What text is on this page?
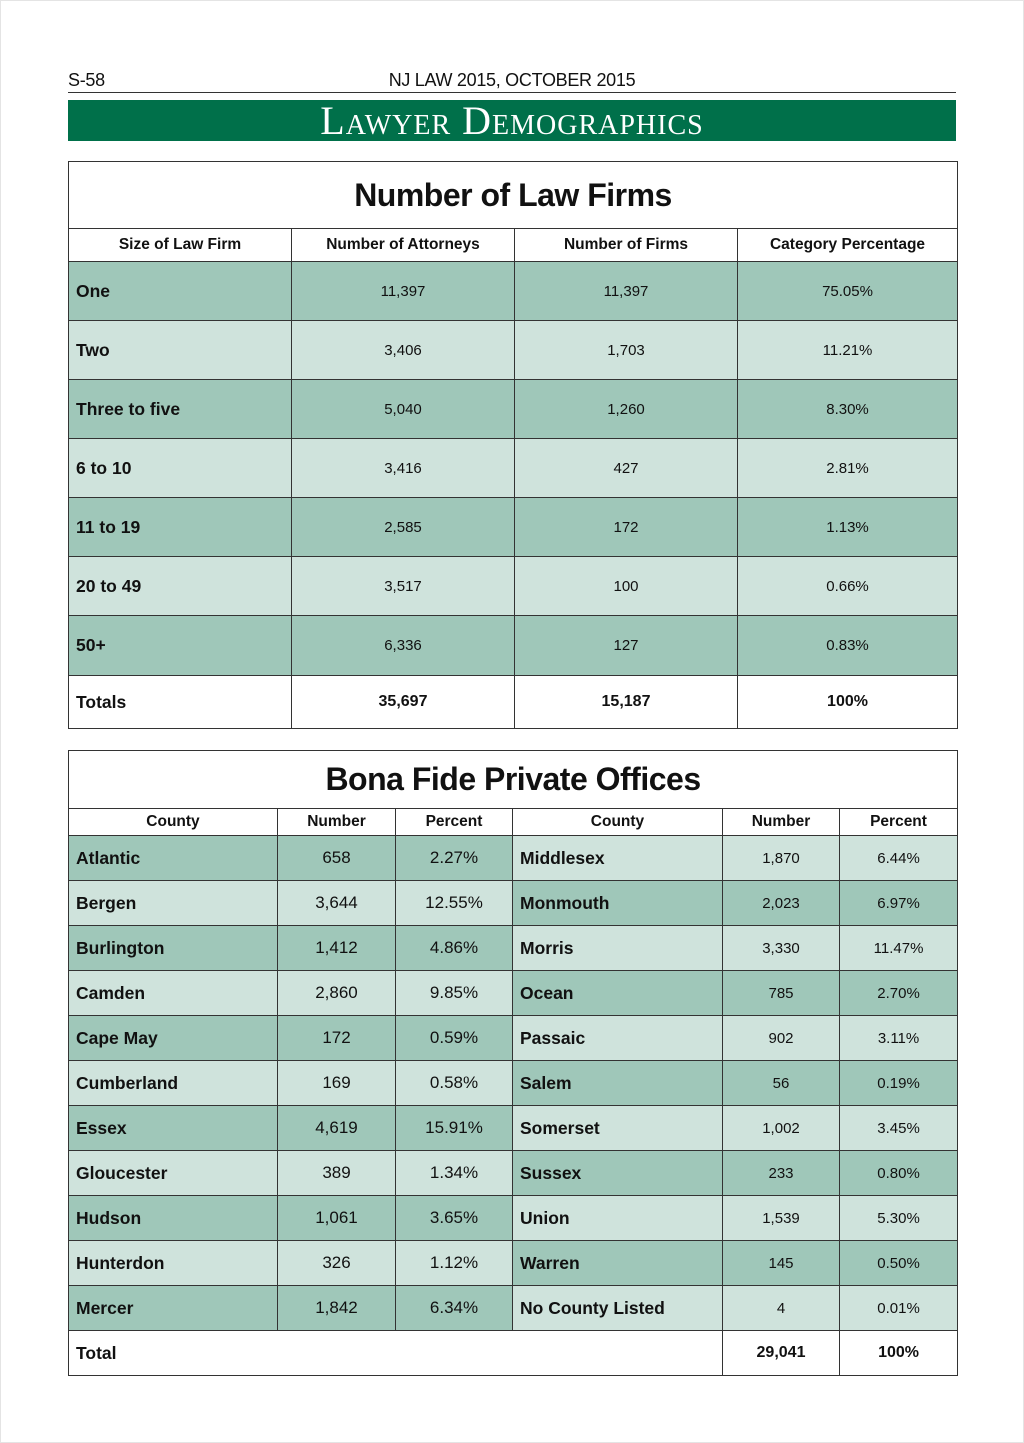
S-58	NJ LAW 2015, OCTOBER 2015
Lawyer Demographics
Number of Law Firms			
Size of Law Firm	Number of Attorneys	Number of Firms	Category Percentage
One	11,397	11,397	75.05%
Two	3,406	1,703	11.21%
Three to five	5,040	1,260	8.30%
6 to 10	3,416	427	2.81%
11 to 19	2,585	172	1.13%
20 to 49	3,517	100	0.66%
50+	6,336	127	0.83%
Totals	35,697	15,187	100%
Bona Fide Private Offices					
County	Number	Percent	County	Number	Percent
Atlantic	658	2.27%	Middlesex	1,870	6.44%
Bergen	3,644	12.55%	Monmouth	2,023	6.97%
Burlington	1,412	4.86%	Morris	3,330	11.47%
Camden	2,860	9.85%	Ocean	785	2.70%
Cape May	172	0.59%	Passaic	902	3.11%
Cumberland	169	0.58%	Salem	56	0.19%
Essex	4,619	15.91%	Somerset	1,002	3.45%
Gloucester	389	1.34%	Sussex	233	0.80%
Hudson	1,061	3.65%	Union	1,539	5.30%
Hunterdon	326	1.12%	Warren	145	0.50%
Mercer	1,842	6.34%	No County Listed	4	0.01%
Total				29,041	100%
